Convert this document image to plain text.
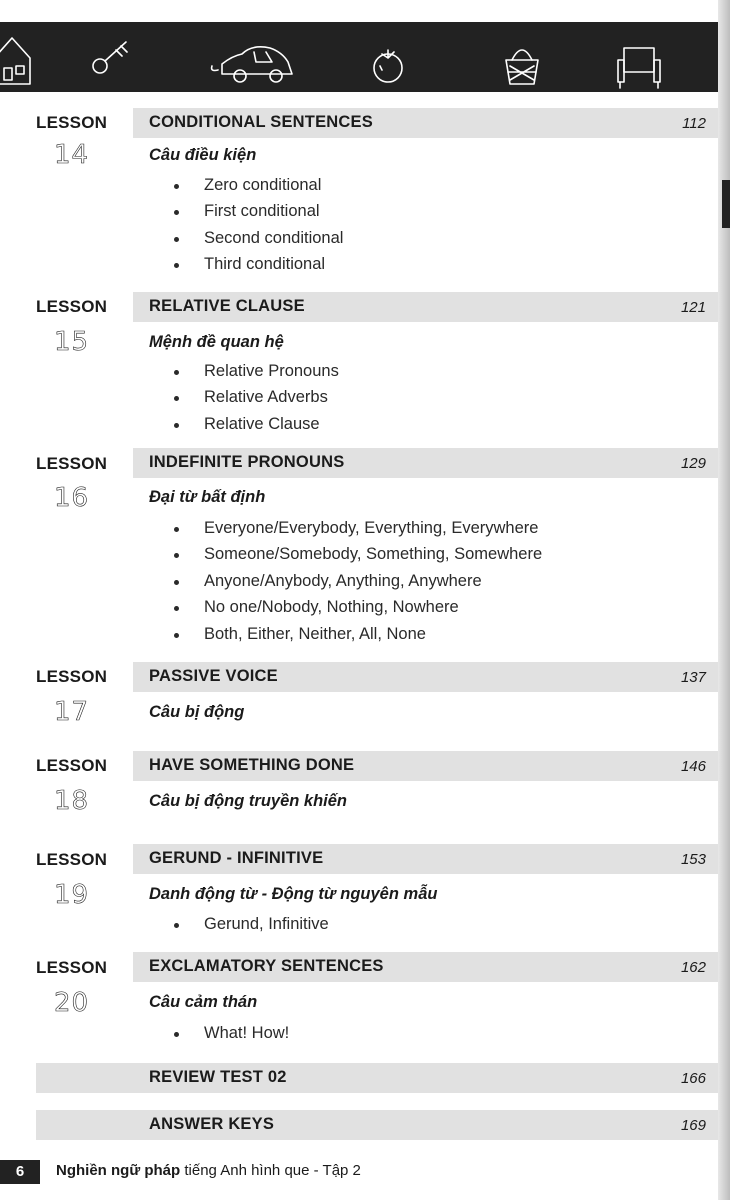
LESSON
14
CONDITIONAL SENTENCES	112
Câu điều kiện
Zero conditional
First conditional
Second conditional
Third conditional
LESSON
15
RELATIVE CLAUSE	121
Mệnh đề quan hệ
Relative Pronouns
Relative Adverbs
Relative Clause
LESSON
16
INDEFINITE PRONOUNS	129
Đại từ bất định
Everyone/Everybody, Everything, Everywhere
Someone/Somebody, Something, Somewhere
Anyone/Anybody, Anything, Anywhere
No one/Nobody, Nothing, Nowhere
Both, Either, Neither, All, None
LESSON
17
PASSIVE VOICE	137
Câu bị động
LESSON
18
HAVE SOMETHING DONE	146
Câu bị động truyền khiến
LESSON
19
GERUND - INFINITIVE	153
Danh động từ - Động từ nguyên mẫu
Gerund, Infinitive
LESSON
20
EXCLAMATORY SENTENCES	162
Câu cảm thán
What! How!
REVIEW TEST 02	166
ANSWER KEYS	169
6	Nghiền ngữ pháp tiếng Anh hình que - Tập 2
